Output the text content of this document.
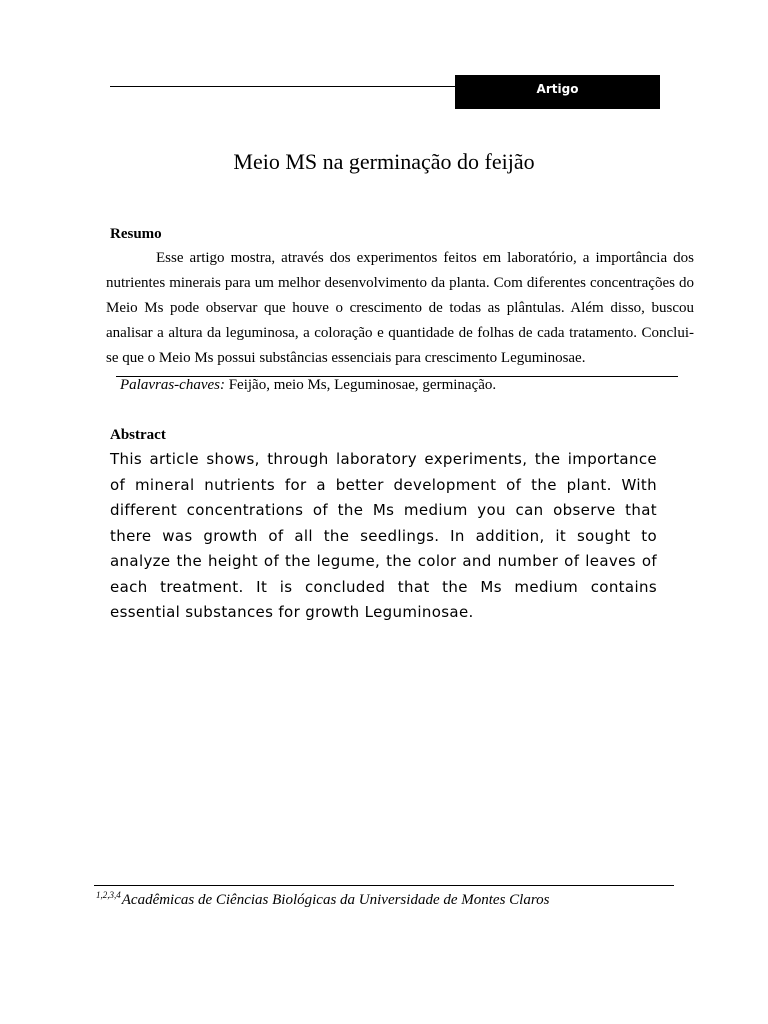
Artigo
Meio MS na germinação do feijão
Resumo
Esse artigo mostra, através dos experimentos feitos em laboratório, a importância dos nutrientes minerais para um melhor desenvolvimento da planta. Com diferentes concentrações do Meio Ms pode observar que houve o crescimento de todas as plântulas. Além disso, buscou analisar a altura da leguminosa, a coloração e quantidade de folhas de cada tratamento. Conclui-se que o Meio Ms possui substâncias essenciais para crescimento Leguminosae.
Palavras-chaves: Feijão, meio Ms, Leguminosae, germinação.
Abstract
This article shows, through laboratory experiments, the importance of mineral nutrients for a better development of the plant. With different concentrations of the Ms medium you can observe that there was growth of all the seedlings. In addition, it sought to analyze the height of the legume, the color and number of leaves of each treatment. It is concluded that the Ms medium contains essential substances for growth Leguminosae.
$^{1,2,3,4}$Acadêmicas de Ciências Biológicas da Universidade de Montes Claros
